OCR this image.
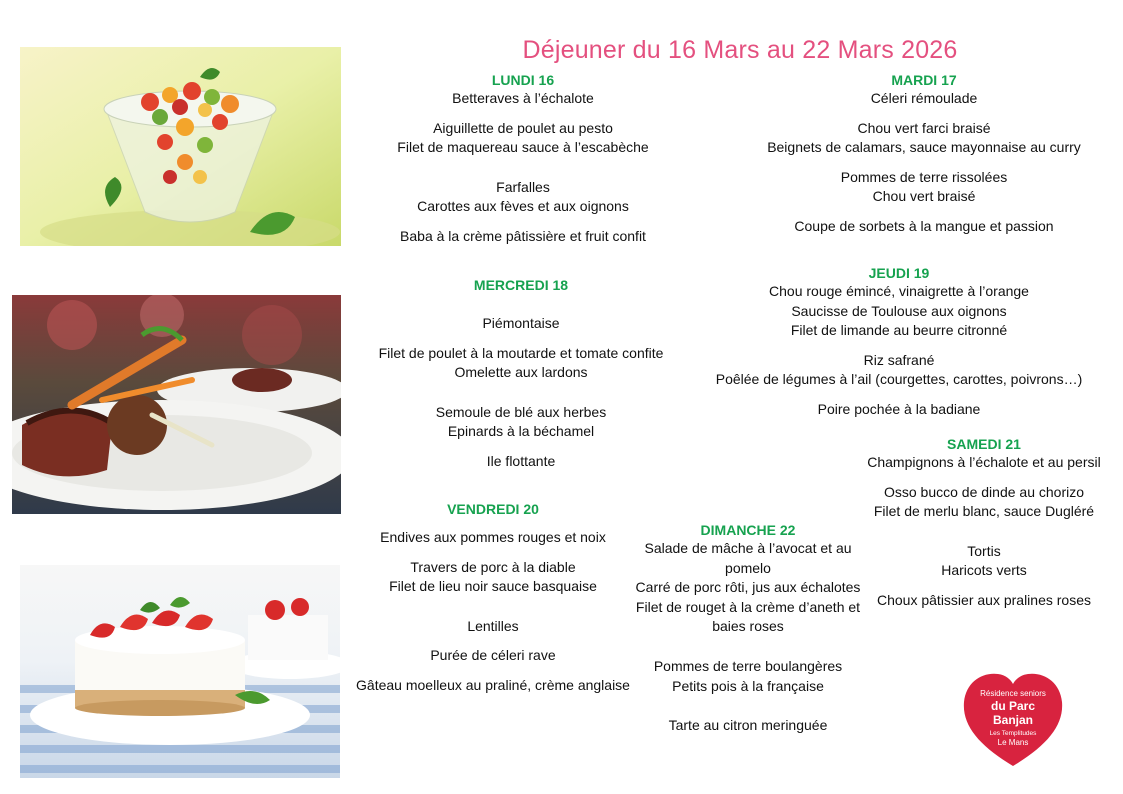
Déjeuner du 16 Mars au 22 Mars 2026
LUNDI 16
Betteraves à l’échalote
Aiguillette de poulet au pesto
Filet de maquereau sauce à l’escabèche
Farfalles
Carottes aux fèves et aux oignons
Baba à la crème pâtissière et fruit confit
MARDI 17
Céleri rémoulade
Chou vert farci braisé
Beignets de calamars, sauce mayonnaise au curry
Pommes de terre rissolées
Chou vert braisé
Coupe de sorbets à la mangue et passion
MERCREDI 18
Piémontaise
Filet de poulet à la moutarde et tomate confite
Omelette aux lardons
Semoule de blé aux herbes
Epinards à la béchamel
Ile flottante
JEUDI 19
Chou rouge émincé, vinaigrette à l’orange
Saucisse de Toulouse aux oignons
Filet de limande au beurre citronné
Riz safrané
Poêlée de légumes à l’ail (courgettes, carottes, poivrons…)
Poire pochée à la badiane
VENDREDI 20
Endives aux pommes rouges et noix
Travers de porc à la diable
Filet de lieu noir sauce basquaise
Lentilles
Purée de céleri rave
Gâteau moelleux au praliné, crème anglaise
SAMEDI 21
Champignons à l’échalote et au persil
Osso bucco de dinde au chorizo
Filet de merlu blanc, sauce Dugléré
Tortis
Haricots verts
Choux pâtissier aux pralines roses
DIMANCHE 22
Salade de mâche à l’avocat et au
pomelo
Carré de porc rôti, jus aux échalotes
Filet de rouget à la crème d’aneth et
baies roses
Pommes de terre boulangères
Petits pois à la française
Tarte au citron meringuée
Résidence seniors
du Parc
Banjan
Les Templitudes
Le Mans
